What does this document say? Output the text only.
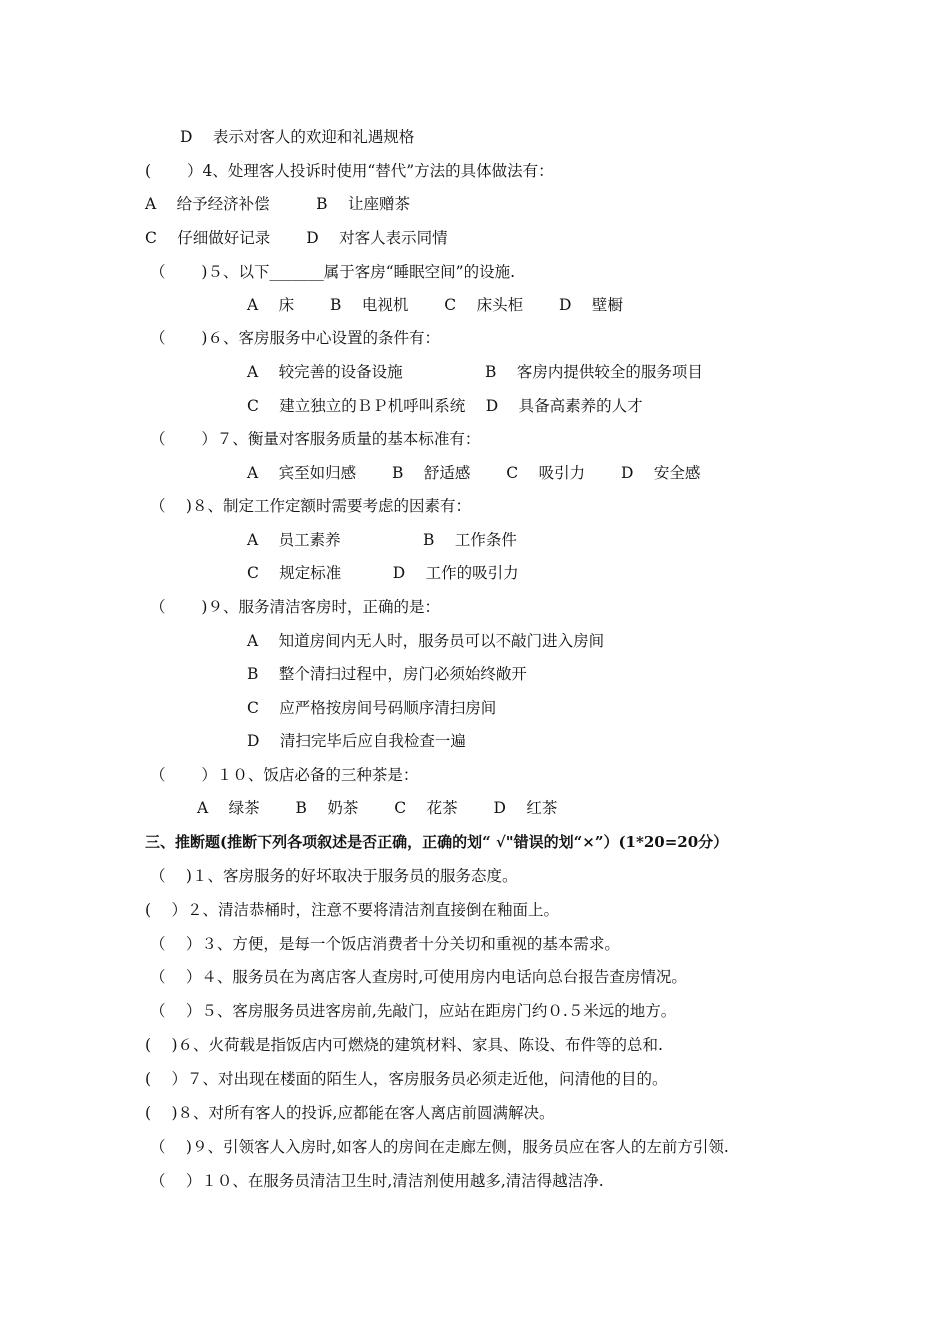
D　 表示对客人的欢迎和礼遇规格
(　　 ）4、处理客人投诉时使用“替代”方法的具体做法有：
A　 给予经济补偿　　　B　 让座赠茶
C　 仔细做好记录　　 D　 对客人表示同情
（　　 )５、以下_______属于客房“睡眠空间”的设施.
A　 床　　 B　 电视机　　 C　 床头柜　　 D　 壁橱
（　　 )６、客房服务中心设置的条件有：
A　 较完善的设备设施　　　　　 B　 客房内提供较全的服务项目
C　 建立独立的ＢＰ机呼叫系统　 D　 具备高素养的人才
（　　 ）７、衡量对客服务质量的基本标准有：
A　 宾至如归感　　 B　 舒适感　　 C　 吸引力　　 D　 安全感
（　 )８、制定工作定额时需要考虑的因素有：
A　 员工素养　　　　　 B　 工作条件
C　 规定标准　　　 D　 工作的吸引力
（　　 )９、服务清洁客房时，正确的是：
A　 知道房间内无人时，服务员可以不敲门进入房间
B　 整个清扫过程中，房门必须始终敞开
C　 应严格按房间号码顺序清扫房间
D　 清扫完毕后应自我检查一遍
（　　 ）１０、饭店必备的三种茶是：
A　 绿茶　　 B　 奶茶　　 C　 花茶　　 D　 红茶
三、推断题(推断下列各项叙述是否正确，正确的划“ √"错误的划“×”）(1*20=20分）
（　 )１、客房服务的好坏取决于服务员的服务态度。
(　 ）２、清洁恭桶时，注意不要将清洁剂直接倒在釉面上。
（　 ）３、方便，是每一个饭店消费者十分关切和重视的基本需求。
（　 ）４、服务员在为离店客人查房时,可使用房内电话向总台报告查房情况。
（　 ）５、客房服务员进客房前,先敲门，应站在距房门约０.５米远的地方。
(　 )６、火荷载是指饭店内可燃烧的建筑材料、家具、陈设、布件等的总和.
(　 ）７、对出现在楼面的陌生人，客房服务员必须走近他，问清他的目的。
(　 )８、对所有客人的投诉,应都能在客人离店前圆满解决。
（　 )９、引领客人入房时,如客人的房间在走廊左侧，服务员应在客人的左前方引领.
（　 ）１０、在服务员清洁卫生时,清洁剂使用越多,清洁得越洁净.
